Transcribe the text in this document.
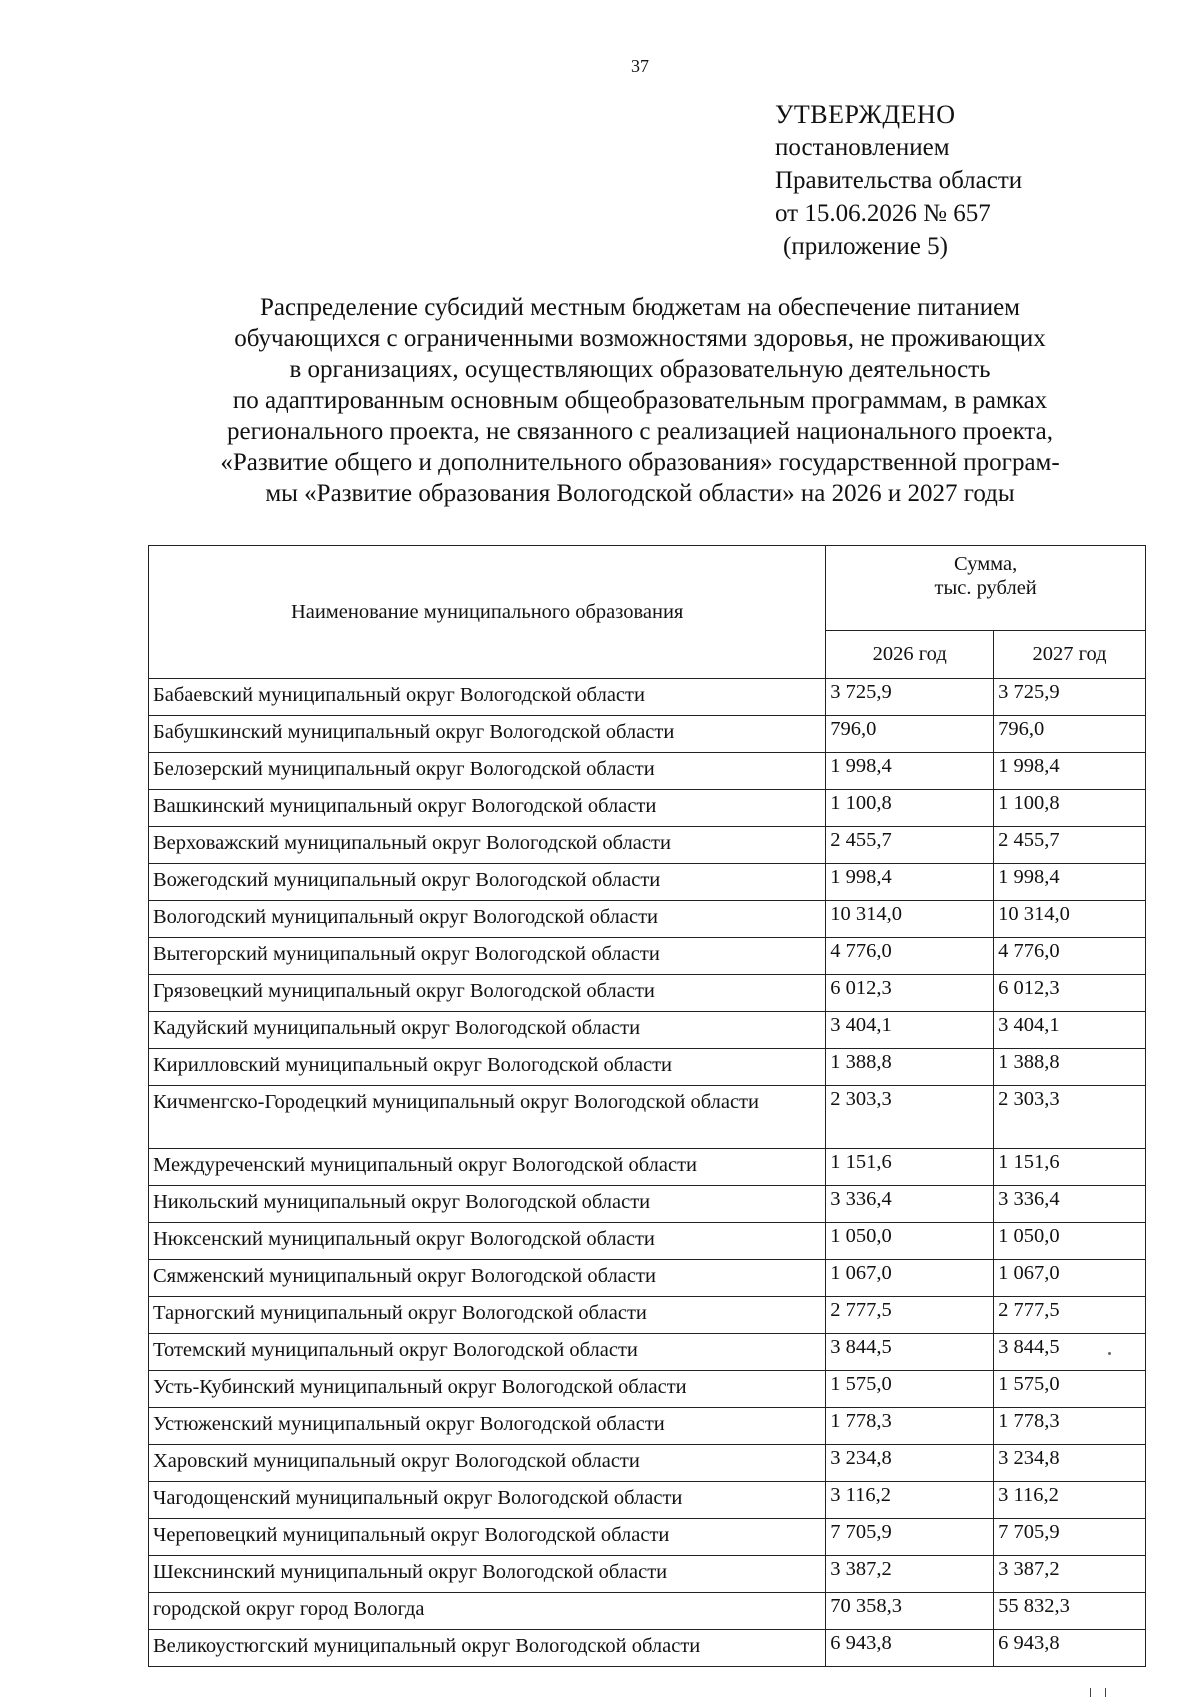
37
УТВЕРЖДЕНО
постановлением
Правительства области
от 15.06.2026 № 657
(приложение 5)
Распределение субсидий местным бюджетам на обеспечение питанием
обучающихся с ограниченными возможностями здоровья, не проживающих
в организациях, осуществляющих образовательную деятельность
по адаптированным основным общеобразовательным программам, в рамках
регионального проекта, не связанного с реализацией национального проекта,
«Развитие общего и дополнительного образования» государственной програм-
мы «Развитие образования Вологодской области» на 2026 и 2027 годы
Наименование муниципального образования	Сумма,
тыс. рублей	

	2026 год	2027 год
Бабаевский муниципальный округ Вологодской области	3 725,9	3 725,9
Бабушкинский муниципальный округ Вологодской области	796,0	796,0
Белозерский муниципальный округ Вологодской области	1 998,4	1 998,4
Вашкинский муниципальный округ Вологодской области	1 100,8	1 100,8
Верховажский муниципальный округ Вологодской области	2 455,7	2 455,7
Вожегодский муниципальный округ Вологодской области	1 998,4	1 998,4
Вологодский муниципальный округ Вологодской области	10 314,0	10 314,0
Вытегорский муниципальный округ Вологодской области	4 776,0	4 776,0
Грязовецкий муниципальный округ Вологодской области	6 012,3	6 012,3
Кадуйский муниципальный округ Вологодской области	3 404,1	3 404,1
Кирилловский муниципальный округ Вологодской области	1 388,8	1 388,8
Кичменгско-Городецкий муниципальный округ Вологодской области	2 303,3	2 303,3
Междуреченский муниципальный округ Вологодской области	1 151,6	1 151,6
Никольский муниципальный округ Вологодской области	3 336,4	3 336,4
Нюксенский муниципальный округ Вологодской области	1 050,0	1 050,0
Сямженский муниципальный округ Вологодской области	1 067,0	1 067,0
Тарногский муниципальный округ Вологодской области	2 777,5	2 777,5
Тотемский муниципальный округ Вологодской области	3 844,5	3 844,5
Усть-Кубинский муниципальный округ Вологодской области	1 575,0	1 575,0
Устюженский муниципальный округ Вологодской области	1 778,3	1 778,3
Харовский муниципальный округ Вологодской области	3 234,8	3 234,8
Чагодощенский муниципальный округ Вологодской области	3 116,2	3 116,2
Череповецкий муниципальный округ Вологодской области	7 705,9	7 705,9
Шекснинский муниципальный округ Вологодской области	3 387,2	3 387,2
городской округ город Вологда	70 358,3	55 832,3
Великоустюгский муниципальный округ Вологодской области	6 943,8	6 943,8
